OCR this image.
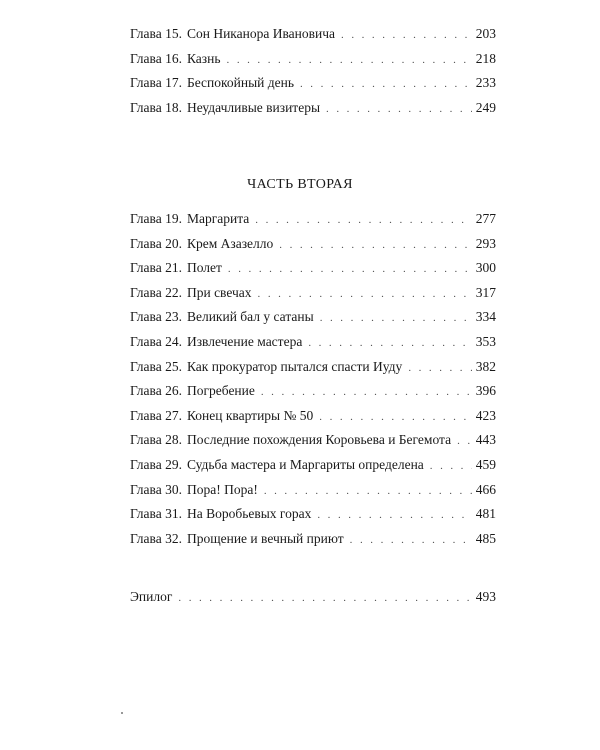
Глава 15. Сон Никанора Ивановича . . .	203
Глава 16. Казнь . . .	218
Глава 17. Беспокойный день . . .	233
Глава 18. Неудачливые визитеры . . .	249
ЧАСТЬ ВТОРАЯ
Глава 19. Маргарита . . .	277
Глава 20. Крем Азазелло . . .	293
Глава 21. Полет . . .	300
Глава 22. При свечах . . .	317
Глава 23. Великий бал у сатаны . . .	334
Глава 24. Извлечение мастера . . .	353
Глава 25. Как прокуратор пытался спасти Иуду . . .	382
Глава 26. Погребение . . .	396
Глава 27. Конец квартиры № 50 . . .	423
Глава 28. Последние похождения Коровьева и Бегемота . . . 443
Глава 29. Судьба мастера и Маргариты определена . . .	459
Глава 30. Пора! Пора! . . .	466
Глава 31. На Воробьевых горах . . .	481
Глава 32. Прощение и вечный приют . . .	485
Эпилог . . .	493
